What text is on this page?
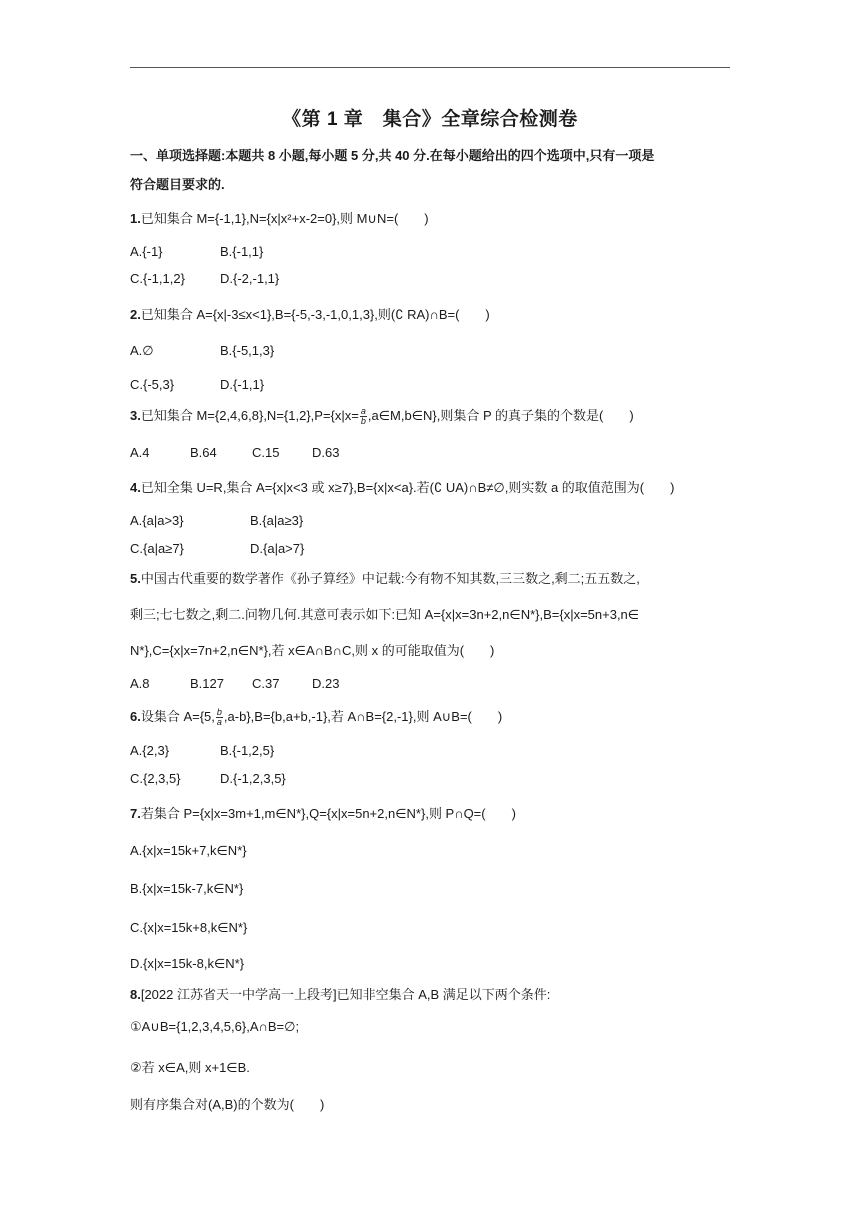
《第 1 章　集合》全章综合检测卷
一、单项选择题:本题共 8 小题,每小题 5 分,共 40 分.在每小题给出的四个选项中,只有一项是
符合题目要求的.
1.已知集合 M={-1,1},N={x|x²+x-2=0},则 M∪N=(　　)
A.{-1}	B.{-1,1}
C.{-1,1,2}	D.{-2,-1,1}
2.已知集合 A={x|-3≤x<1},B={-5,-3,-1,0,1,3},则(∁ RA)∩B=(　　)
A.∅	B.{-5,1,3}
C.{-5,3}	D.{-1,1}
3.已知集合 $M=\{2,4,6,8\},N=\{1,2\},P=\{x|x= \frac{a}{b}$ ,a∈M,b∈N},则集合 P 的真子集的个数是(　　)
A.4	B.64	C.15	D.63
4.已知全集 U=R,集合 A={x|x<3 或 x≥7},B={x|x<a}.若(∁ UA)∩B≠∅,则实数 a 的取值范围为(　　)
A.{a|a>3}	B.{a|a≥3}
C.{a|a≥7}	D.{a|a>7}
5.中国古代重要的数学著作《孙子算经》中记载:今有物不知其数,三三数之,剩二;五五数之,
剩三;七七数之,剩二.问物几何.其意可表示如下:已知 A={x|x=3n+2,n∈N*},B={x|x=5n+3,n∈
N*},C={x|x=7n+2,n∈N*},若 x∈A∩B∩C,则 x 的可能取值为(　　)
A.8	B.127 C.37	D.23
6.设集合 A={5, $\frac{b}{a} ,a-b\},B=\{b,a+b,-1\}$,若 A∩B={2,-1},则 A∪B=(　　)
A.{2,3}	B.{-1,2,5}
C.{2,3,5}	D.{-1,2,3,5}
7.若集合 P={x|x=3m+1,m∈N*},Q={x|x=5n+2,n∈N*},则 P∩Q=(　　)
A.{x|x=15k+7,k∈N*}
B.{x|x=15k-7,k∈N*}
C.{x|x=15k+8,k∈N*}
D.{x|x=15k-8,k∈N*}
8.[2022 江苏省天一中学高一上段考]已知非空集合 A,B 满足以下两个条件:
①A∪B={1,2,3,4,5,6},A∩B=∅;
②若 x∈A,则 x+1∈B.
则有序集合对(A,B)的个数为(　　)
